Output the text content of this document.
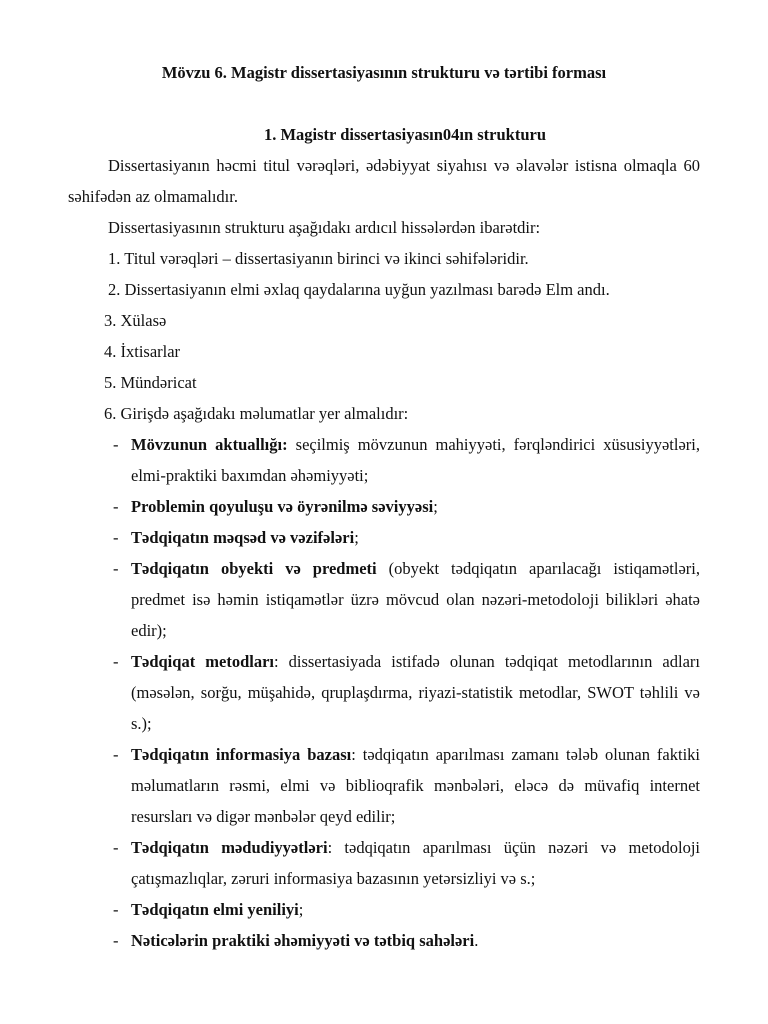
Mövzu 6. Magistr dissertasiyasının strukturu və tərtibi forması
1. Magistr dissertasiyasın04ın strukturu

Dissertasiyanın həcmi titul vərəqləri, ədəbiyyat siyahısı və əlavələr istisna olmaqla 60 səhifədən az olmamalıdır.

Dissertasiyasının strukturu aşağıdakı ardıcıl hissələrdən ibarətdir:

1. Titul vərəqləri – dissertasiyanın birinci və ikinci səhifələridir.

2. Dissertasiyanın elmi əxlaq qaydalarına uyğun yazılması barədə Elm andı.

3. Xülasə

4. İxtisarlar

5. Mündəricat

6. Girişdə aşağıdakı məlumatlar yer almalıdır:

- Mövzunun aktuallığı: seçilmiş mövzunun mahiyyəti, fərqləndirici xüsusiyyətləri, elmi-praktiki baxımdan əhəmiyyəti;
- Problemin qoyuluşu və öyrənilmə səviyyəsi;
- Tədqiqatın məqsəd və vəzifələri;
- Tədqiqatın obyekti və predmeti (obyekt tədqiqatın aparılacağı istiqamətləri, predmet isə həmin istiqamətlər üzrə mövcud olan nəzəri-metodoloji bilikləri əhatə edir);
- Tədqiqat metodları: dissertasiyada istifadə olunan tədqiqat metodlarının adları (məsələn, sorğu, müşahidə, qruplaşdırma, riyazi-statistik metodlar, SWOT təhlili və s.);
- Tədqiqatın informasiya bazası: tədqiqatın aparılması zamanı tələb olunan faktiki məlumatların rəsmi, elmi və biblioqrafik mənbələri, eləcə də müvafiq internet resursları və digər mənbələr qeyd edilir;
- Tədqiqatın mədudiyyətləri: tədqiqatın aparılması üçün nəzəri və metodoloji çatışmazlıqlar, zəruri informasiya bazasının yetərsizliyi və s.;
- Tədqiqatın elmi yeniliyi;
- Nəticələrin praktiki əhəmiyyəti və tətbiq sahələri.
